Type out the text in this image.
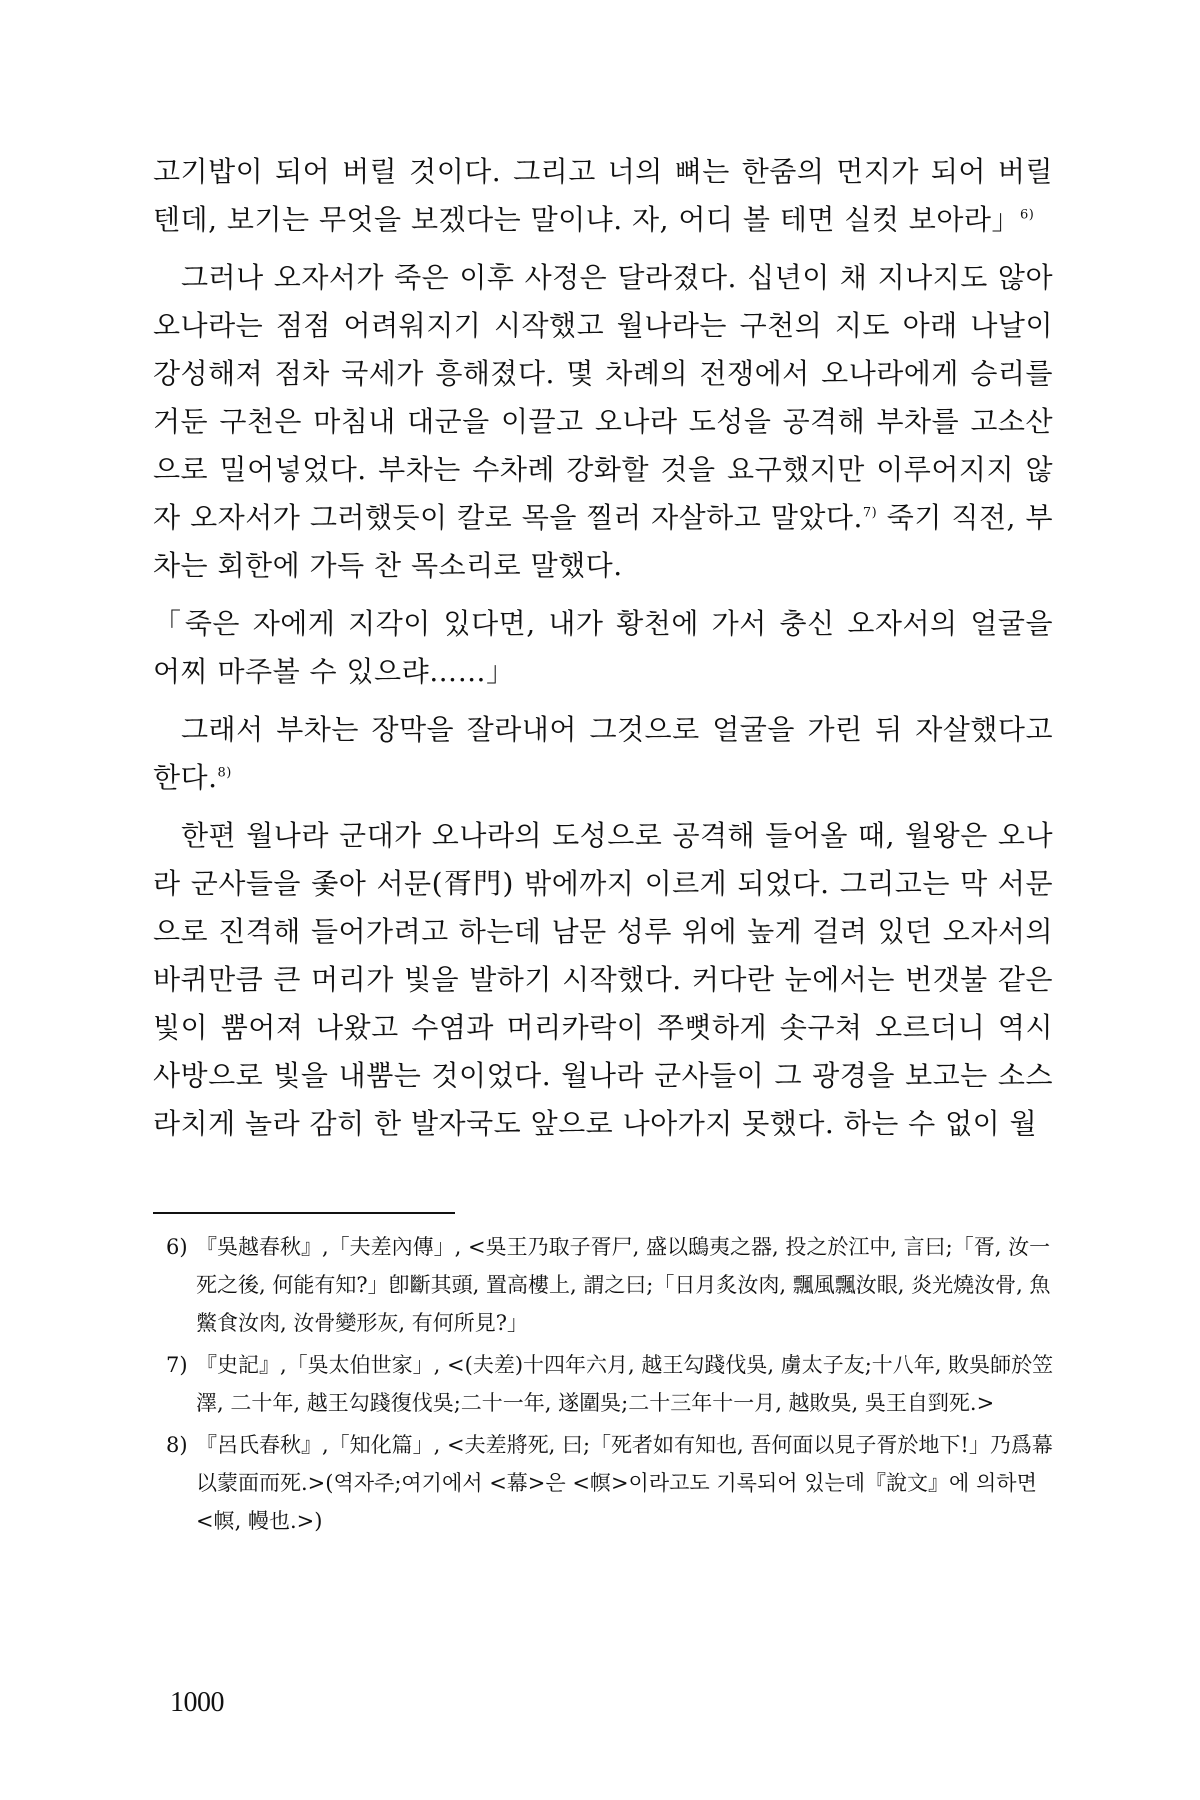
고기밥이 되어 버릴 것이다. 그리고 너의 뼈는 한줌의 먼지가 되어 버릴 텐데, 보기는 무엇을 보겠다는 말이냐. 자, 어디 볼 테면 실컷 보아라」$^{6)}$

그러나 오자서가 죽은 이후 사정은 달라졌다. 십년이 채 지나지도 않아 오나라는 점점 어려워지기 시작했고 월나라는 구천의 지도 아래 나날이 강성해져 점차 국세가 흥해졌다. 몇 차례의 전쟁에서 오나라에게 승리를 거둔 구천은 마침내 대군을 이끌고 오나라 도성을 공격해 부차를 고소산으로 밀어넣었다. 부차는 수차례 강화할 것을 요구했지만 이루어지지 않자 오자서가 그러했듯이 칼로 목을 찔러 자살하고 말았다.$^{7)}$ 죽기 직전, 부차는 회한에 가득 찬 목소리로 말했다.

「죽은 자에게 지각이 있다면, 내가 황천에 가서 충신 오자서의 얼굴을 어찌 마주볼 수 있으랴……」

그래서 부차는 장막을 잘라내어 그것으로 얼굴을 가린 뒤 자살했다고 한다.$^{8)}$

한편 월나라 군대가 오나라의 도성으로 공격해 들어올 때, 월왕은 오나라 군사들을 좇아 서문(胥門) 밖에까지 이르게 되었다. 그리고는 막 서문으로 진격해 들어가려고 하는데 남문 성루 위에 높게 걸려 있던 오자서의 바퀴만큼 큰 머리가 빛을 발하기 시작했다. 커다란 눈에서는 번갯불 같은 빛이 뿜어져 나왔고 수염과 머리카락이 쭈뼛하게 솟구쳐 오르더니 역시 사방으로 빛을 내뿜는 것이었다. 월나라 군사들이 그 광경을 보고는 소스라치게 놀라 감히 한 발자국도 앞으로 나아가지 못했다. 하는 수 없이 월

6) 『吳越春秋』,「夫差內傳」, <吳王乃取子胥尸, 盛以鴟夷之器, 投之於江中, 言曰;「胥, 汝一死之後, 何能有知?」卽斷其頭, 置高樓上, 謂之曰;「日月炙汝肉, 飄風飄汝眼, 炎光燒汝骨, 魚鱉食汝肉, 汝骨變形灰, 有何所見?」
7) 『史記』,「吳太伯世家」, <(夫差)十四年六月, 越王勾踐伐吳, 虜太子友;十八年, 敗吳師於笠澤, 二十年, 越王勾踐復伐吳;二十一年, 遂圍吳;二十三年十一月, 越敗吳, 吳王自剄死.>
8) 『呂氏春秋』,「知化篇」, <夫差將死, 曰;「死者如有知也, 吾何面以見子胥於地下!」乃爲幕以蒙面而死.>(역자주;여기에서 <幕>은 <幎>이라고도 기록되어 있는데『說文』에 의하면 <幎, 幔也.>)
1000
